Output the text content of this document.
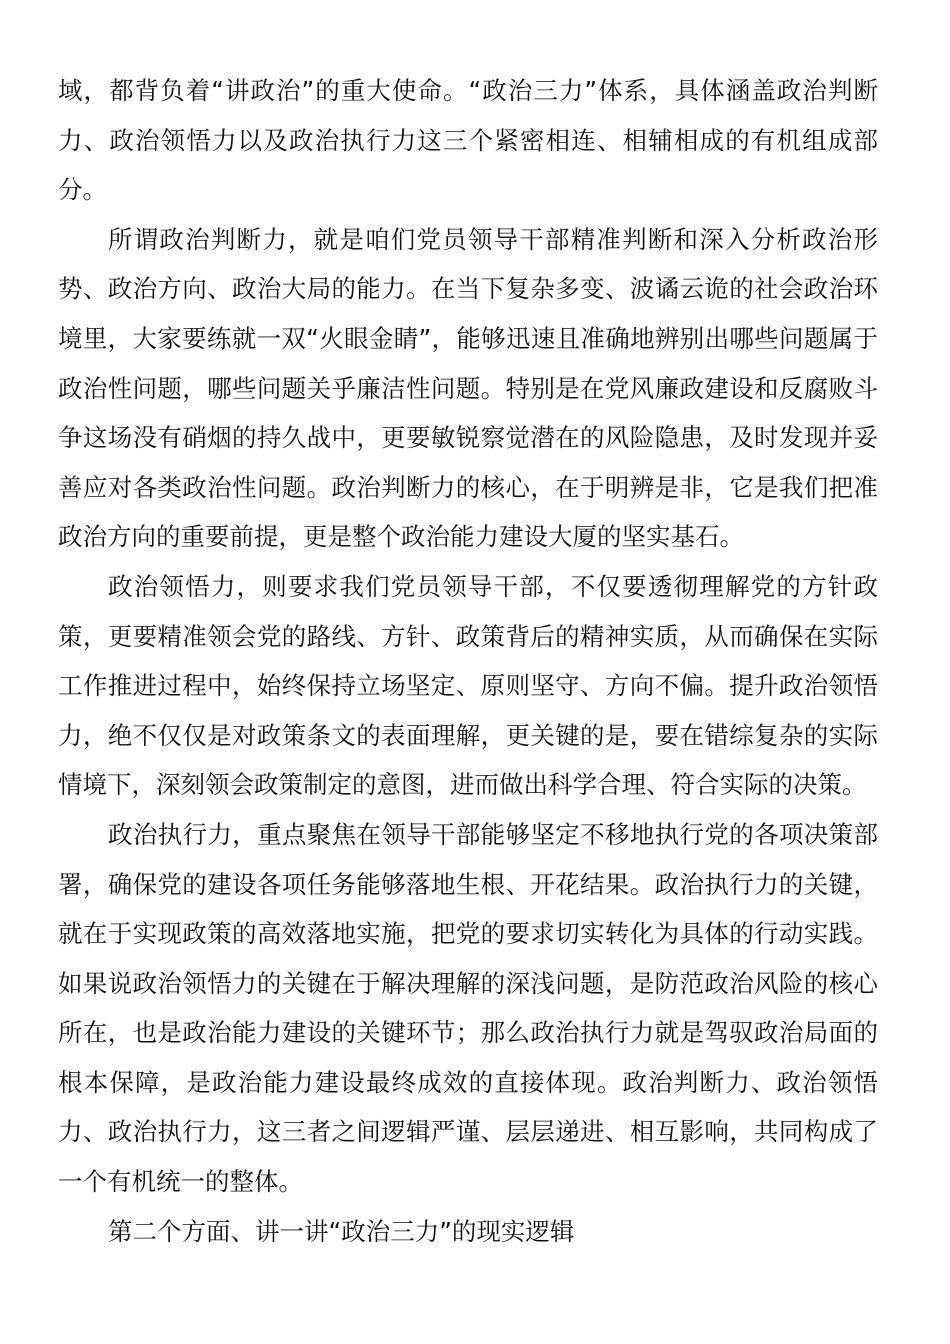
域，都背负着“讲政治”的重大使命。“政治三力”体系，具体涵盖政治判断力、政治领悟力以及政治执行力这三个紧密相连、相辅相成的有机组成部分。

所谓政治判断力，就是咱们党员领导干部精准判断和深入分析政治形势、政治方向、政治大局的能力。在当下复杂多变、波谲云诡的社会政治环境里，大家要练就一双“火眼金睛”，能够迅速且准确地辨别出哪些问题属于政治性问题，哪些问题关乎廉洁性问题。特别是在党风廉政建设和反腐败斗争这场没有硝烟的持久战中，更要敏锐察觉潜在的风险隐患，及时发现并妥善应对各类政治性问题。政治判断力的核心，在于明辨是非，它是我们把准政治方向的重要前提，更是整个政治能力建设大厦的坚实基石。

政治领悟力，则要求我们党员领导干部，不仅要透彻理解党的方针政策，更要精准领会党的路线、方针、政策背后的精神实质，从而确保在实际工作推进过程中，始终保持立场坚定、原则坚守、方向不偏。提升政治领悟力，绝不仅仅是对政策条文的表面理解，更关键的是，要在错综复杂的实际情境下，深刻领会政策制定的意图，进而做出科学合理、符合实际的决策。

政治执行力，重点聚焦在领导干部能够坚定不移地执行党的各项决策部署，确保党的建设各项任务能够落地生根、开花结果。政治执行力的关键，就在于实现政策的高效落地实施，把党的要求切实转化为具体的行动实践。如果说政治领悟力的关键在于解决理解的深浅问题，是防范政治风险的核心所在，也是政治能力建设的关键环节；那么政治执行力就是驾驭政治局面的根本保障，是政治能力建设最终成效的直接体现。政治判断力、政治领悟力、政治执行力，这三者之间逻辑严谨、层层递进、相互影响，共同构成了一个有机统一的整体。

第二个方面、讲一讲“政治三力”的现实逻辑
